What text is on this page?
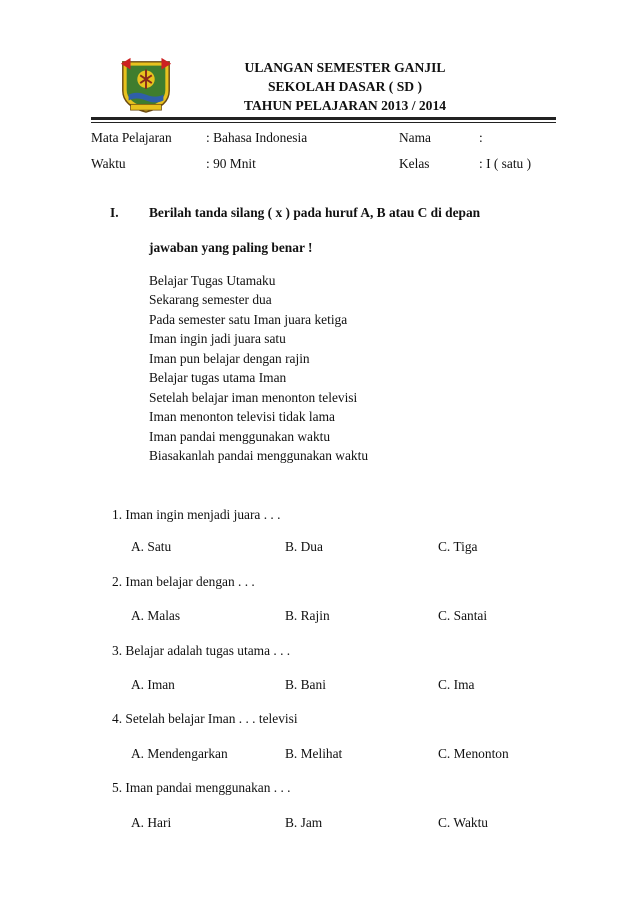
ULANGAN SEMESTER GANJIL
SEKOLAH DASAR ( SD )
TAHUN PELAJARAN 2013 / 2014
Mata Pelajaran	: Bahasa Indonesia	Nama	:
Waktu	: 90 Mnit	Kelas	: I ( satu )
I. Berilah tanda silang ( x ) pada huruf A, B atau C di depan
jawaban yang paling benar !
Belajar Tugas Utamaku
Sekarang semester dua
Pada semester satu Iman juara ketiga
Iman ingin jadi juara satu
Iman pun belajar dengan rajin
Belajar tugas utama Iman
Setelah belajar iman menonton televisi
Iman menonton televisi tidak lama
Iman pandai menggunakan waktu
Biasakanlah pandai menggunakan waktu
1. Iman ingin menjadi juara . . .
A. Satu	B. Dua	C. Tiga
2. Iman belajar dengan . . .
A. Malas	B. Rajin	C. Santai
3. Belajar adalah tugas utama . . .
A. Iman	B. Bani	C. Ima
4. Setelah belajar Iman . . . televisi
A. Mendengarkan	B. Melihat	C. Menonton
5. Iman pandai menggunakan . . .
A. Hari	B. Jam	C. Waktu
